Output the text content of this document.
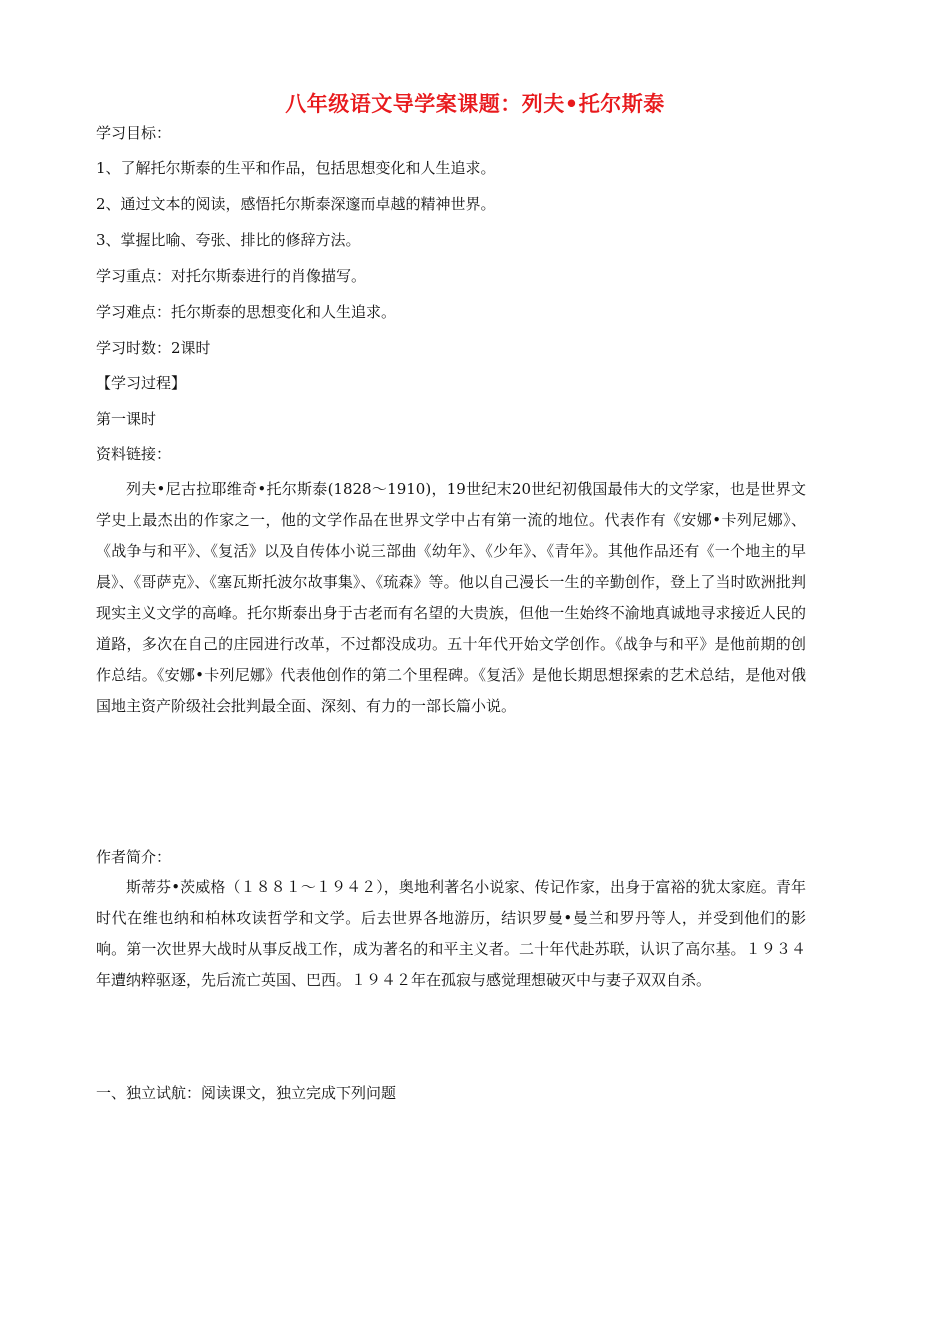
八年级语文导学案课题：列夫•托尔斯泰
学习目标：
1、了解托尔斯泰的生平和作品，包括思想变化和人生追求。
2、通过文本的阅读，感悟托尔斯泰深邃而卓越的精神世界。
3、掌握比喻、夸张、排比的修辞方法。
学习重点：对托尔斯泰进行的肖像描写。
学习难点：托尔斯泰的思想变化和人生追求。
学习时数：2课时
【学习过程】
第一课时
资料链接：
列夫•尼古拉耶维奇•托尔斯泰(1828～1910)，19世纪末20世纪初俄国最伟大的文学家，也是世界文学史上最杰出的作家之一，他的文学作品在世界文学中占有第一流的地位。代表作有《安娜•卡列尼娜》、《战争与和平》、《复活》以及自传体小说三部曲《幼年》、《少年》、《青年》。其他作品还有《一个地主的早晨》、《哥萨克》、《塞瓦斯托波尔故事集》、《琉森》等。他以自己漫长一生的辛勤创作，登上了当时欧洲批判现实主义文学的高峰。托尔斯泰出身于古老而有名望的大贵族，但他一生始终不渝地真诚地寻求接近人民的道路，多次在自己的庄园进行改革，不过都没成功。五十年代开始文学创作。《战争与和平》是他前期的创作总结。《安娜•卡列尼娜》代表他创作的第二个里程碑。《复活》是他长期思想探索的艺术总结，是他对俄国地主资产阶级社会批判最全面、深刻、有力的一部长篇小说。
作者简介：
斯蒂芬•茨威格（１８８１～１９４２），奥地利著名小说家、传记作家，出身于富裕的犹太家庭。青年时代在维也纳和柏林攻读哲学和文学。后去世界各地游历，结识罗曼•曼兰和罗丹等人，并受到他们的影响。第一次世界大战时从事反战工作，成为著名的和平主义者。二十年代赴苏联，认识了高尔基。１９３４ 年遭纳粹驱逐，先后流亡英国、巴西。１９４２年在孤寂与感觉理想破灭中与妻子双双自杀。
一、独立试航：阅读课文，独立完成下列问题
